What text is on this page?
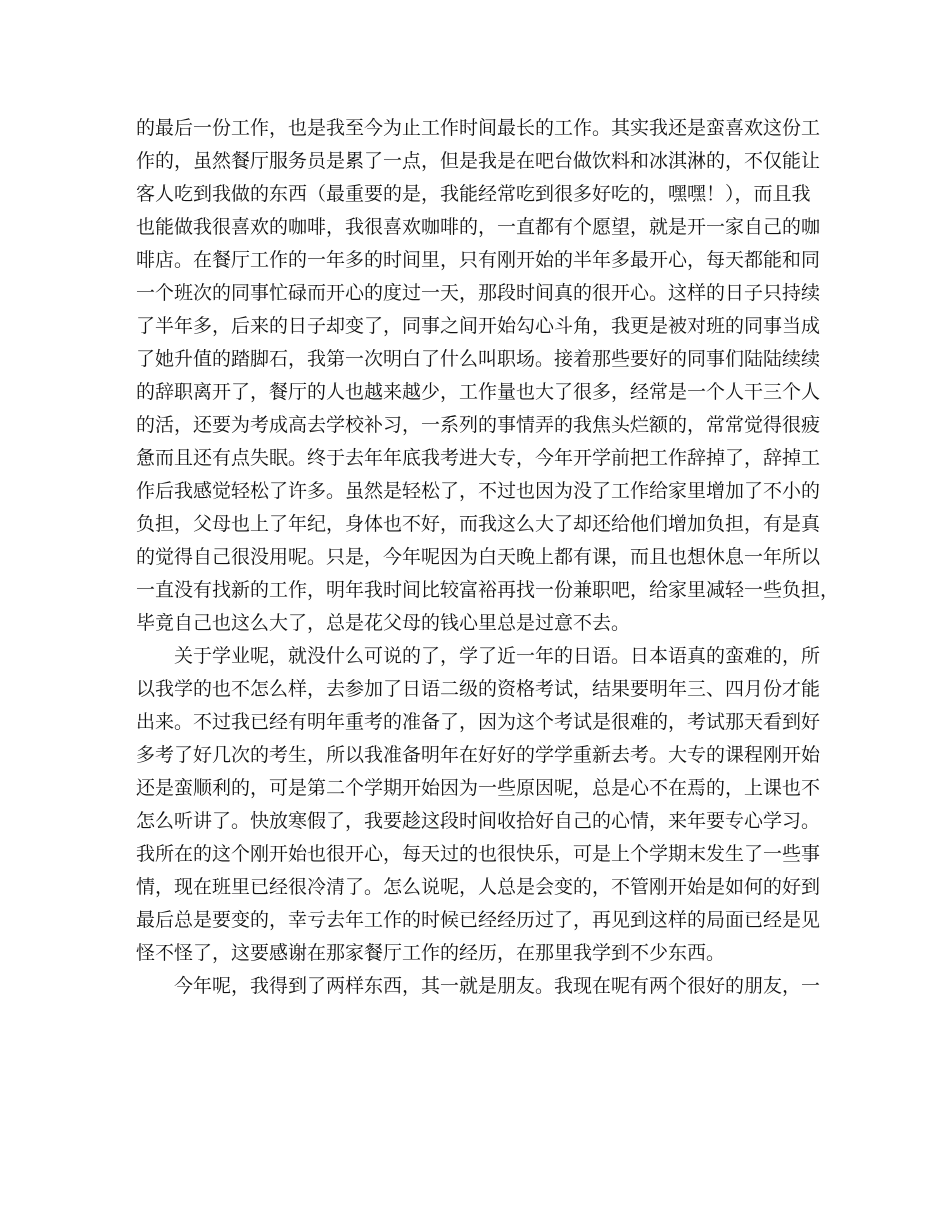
的最后一份工作，也是我至今为止工作时间最长的工作。其实我还是蛮喜欢这份工
作的，虽然餐厅服务员是累了一点，但是我是在吧台做饮料和冰淇淋的，不仅能让
客人吃到我做的东西（最重要的是，我能经常吃到很多好吃的，嘿嘿！），而且我
也能做我很喜欢的咖啡，我很喜欢咖啡的，一直都有个愿望，就是开一家自己的咖
啡店。在餐厅工作的一年多的时间里，只有刚开始的半年多最开心，每天都能和同
一个班次的同事忙碌而开心的度过一天，那段时间真的很开心。这样的日子只持续
了半年多，后来的日子却变了，同事之间开始勾心斗角，我更是被对班的同事当成
了她升值的踏脚石，我第一次明白了什么叫职场。接着那些要好的同事们陆陆续续
的辞职离开了，餐厅的人也越来越少，工作量也大了很多，经常是一个人干三个人
的活，还要为考成高去学校补习，一系列的事情弄的我焦头烂额的，常常觉得很疲
惫而且还有点失眠。终于去年年底我考进大专，今年开学前把工作辞掉了，辞掉工
作后我感觉轻松了许多。虽然是轻松了，不过也因为没了工作给家里增加了不小的
负担，父母也上了年纪，身体也不好，而我这么大了却还给他们增加负担，有是真
的觉得自己很没用呢。只是，今年呢因为白天晚上都有课，而且也想休息一年所以
一直没有找新的工作，明年我时间比较富裕再找一份兼职吧，给家里减轻一些负担，
毕竟自己也这么大了，总是花父母的钱心里总是过意不去。
关于学业呢，就没什么可说的了，学了近一年的日语。日本语真的蛮难的，所
以我学的也不怎么样，去参加了日语二级的资格考试，结果要明年三、四月份才能
出来。不过我已经有明年重考的准备了，因为这个考试是很难的，考试那天看到好
多考了好几次的考生，所以我准备明年在好好的学学重新去考。大专的课程刚开始
还是蛮顺利的，可是第二个学期开始因为一些原因呢，总是心不在焉的，上课也不
怎么听讲了。快放寒假了，我要趁这段时间收拾好自己的心情，来年要专心学习。
我所在的这个刚开始也很开心，每天过的也很快乐，可是上个学期末发生了一些事
情，现在班里已经很冷清了。怎么说呢，人总是会变的，不管刚开始是如何的好到
最后总是要变的，幸亏去年工作的时候已经经历过了，再见到这样的局面已经是见
怪不怪了，这要感谢在那家餐厅工作的经历，在那里我学到不少东西。
今年呢，我得到了两样东西，其一就是朋友。我现在呢有两个很好的朋友，一
